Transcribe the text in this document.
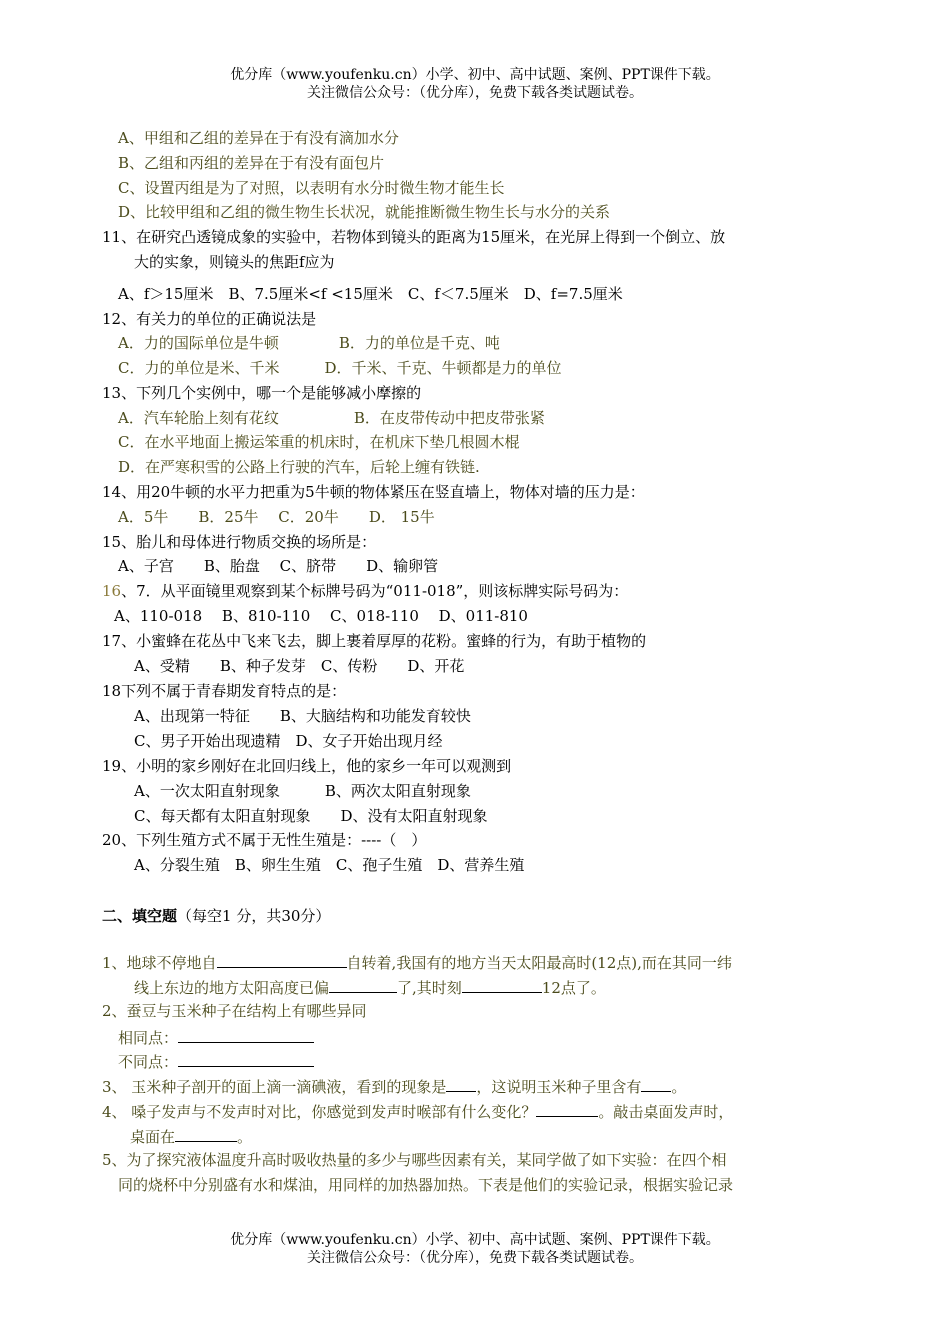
优分库（www.youfenku.cn）小学、初中、高中试题、案例、PPT课件下载。
关注微信公众号：（优分库），免费下载各类试题试卷。
A、甲组和乙组的差异在于有没有滴加水分
B、乙组和丙组的差异在于有没有面包片
C、设置丙组是为了对照，以表明有水分时微生物才能生长
D、比较甲组和乙组的微生物生长状况，就能推断微生物生长与水分的关系
11、在研究凸透镜成象的实验中，若物体到镜头的距离为15厘米，在光屏上得到一个倒立、放
大的实象，则镜头的焦距f应为
A、f＞15厘米　B、7.5厘米<f <15厘米　C、f＜7.5厘米　D、f=7.5厘米
12、有关力的单位的正确说法是
A．力的国际单位是牛顿　　　　B．力的单位是千克、吨
C．力的单位是米、千米　　　D．千米、千克、牛顿都是力的单位
13、下列几个实例中，哪一个是能够减小摩擦的
A．汽车轮胎上刻有花纹　　　　　B．在皮带传动中把皮带张紧
C．在水平地面上搬运笨重的机床时，在机床下垫几根圆木棍
D．在严寒积雪的公路上行驶的汽车，后轮上缠有铁链.
14、用20牛顿的水平力把重为5牛顿的物体紧压在竖直墙上，物体对墙的压力是：
A．5牛　　B．25牛　 C．20牛　　D． 15牛
15、胎儿和母体进行物质交换的场所是：
A、子宫　　B、胎盘　 C、脐带　　D、输卵管
16、7．从平面镜里观察到某个标牌号码为“011-018”，则该标牌实际号码为：
A、110-018　 B、810-110　 C、018-110　 D、011-810
17、小蜜蜂在花丛中飞来飞去，脚上裹着厚厚的花粉。蜜蜂的行为，有助于植物的
A、受精　　B、种子发芽　C、传粉　　D、开花
18下列不属于青春期发育特点的是：
A、出现第一特征　　B、大脑结构和功能发育较快
C、男子开始出现遗精　D、女子开始出现月经
19、小明的家乡刚好在北回归线上，他的家乡一年可以观测到
A、一次太阳直射现象　　　B、两次太阳直射现象
C、每天都有太阳直射现象　　D、没有太阳直射现象
20、下列生殖方式不属于无性生殖是：----（　）
A、分裂生殖　B、卵生生殖　C、孢子生殖　D、营养生殖
二、填空题（每空1 分，共30分）
1、地球不停地自	自转着,我国有的地方当天太阳最高时(12点),而在其同一纬
线上东边的地方太阳高度已偏	了,其时刻	12点了。
2、蚕豆与玉米种子在结构上有哪些异同
相同点：
不同点：
3、 玉米种子剖开的面上滴一滴碘液，看到的现象是 ，这说明玉米种子里含有 。
4、 嗓子发声与不发声时对比，你感觉到发声时喉部有什么变化？	。敲击桌面发声时，
桌面在	。
5、为了探究液体温度升高时吸收热量的多少与哪些因素有关，某同学做了如下实验：在四个相
同的烧杯中分别盛有水和煤油，用同样的加热器加热。下表是他们的实验记录，根据实验记录
优分库（www.youfenku.cn）小学、初中、高中试题、案例、PPT课件下载。
关注微信公众号：（优分库），免费下载各类试题试卷。
